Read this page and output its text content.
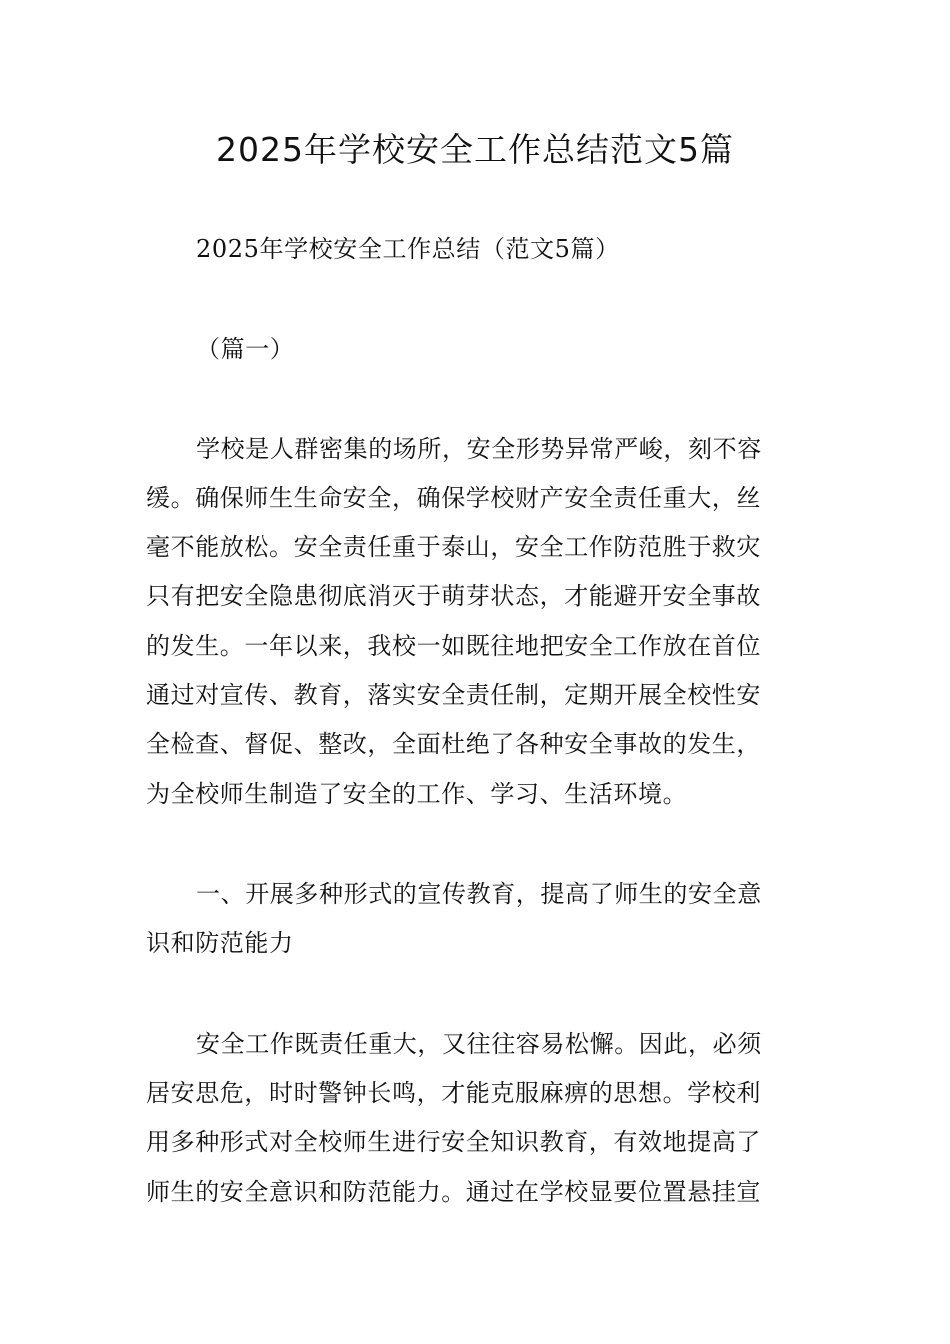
2025年学校安全工作总结范文5篇
2025年学校安全工作总结（范文5篇）
（篇一）
学校是人群密集的场所，安全形势异常严峻，刻不容
缓。确保师生生命安全，确保学校财产安全责任重大，丝
毫不能放松。安全责任重于泰山，安全工作防范胜于救灾
只有把安全隐患彻底消灭于萌芽状态，才能避开安全事故
的发生。一年以来，我校一如既往地把安全工作放在首位
通过对宣传、教育，落实安全责任制，定期开展全校性安
全检查、督促、整改，全面杜绝了各种安全事故的发生，
为全校师生制造了安全的工作、学习、生活环境。
一、开展多种形式的宣传教育，提高了师生的安全意
识和防范能力
安全工作既责任重大，又往往容易松懈。因此，必须
居安思危，时时警钟长鸣，才能克服麻痹的思想。学校利
用多种形式对全校师生进行安全知识教育，有效地提高了
师生的安全意识和防范能力。通过在学校显要位置悬挂宣
